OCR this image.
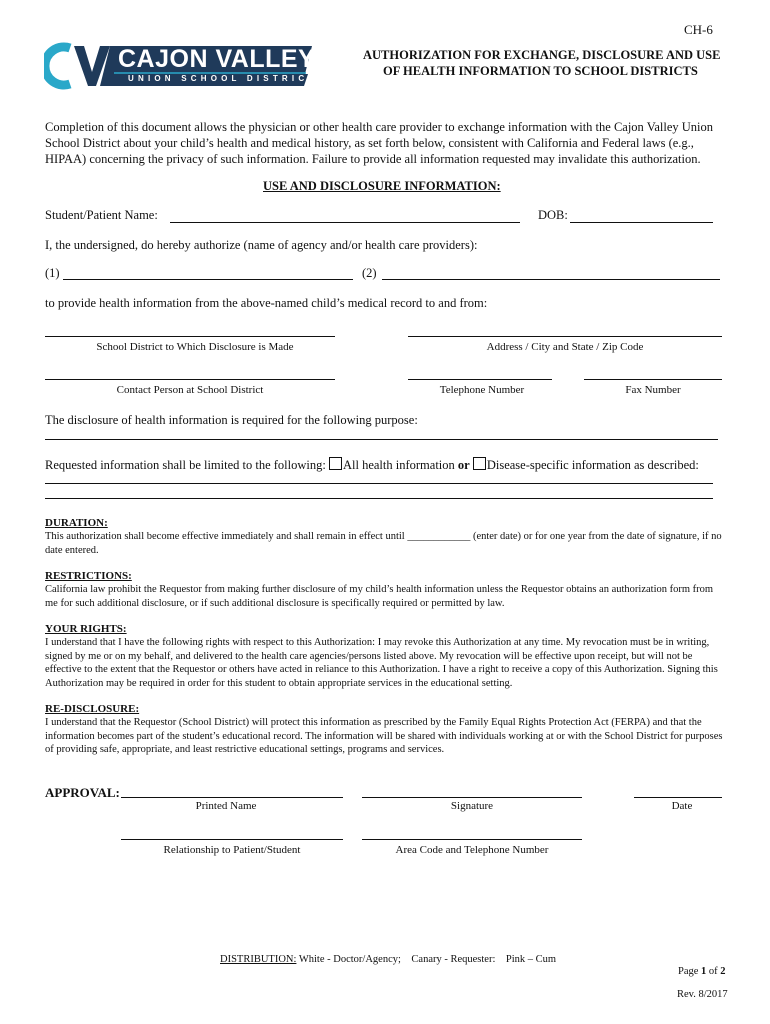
CAJON VALLEY
UNION SCHOOL DISTRICT
CH-6
AUTHORIZATION FOR EXCHANGE, DISCLOSURE AND USE
OF HEALTH INFORMATION TO SCHOOL DISTRICTS
Completion of this document allows the physician or other health care provider to exchange information with the Cajon Valley Union School District about your child’s health and medical history, as set forth below, consistent with California and Federal laws (e.g., HIPAA) concerning the privacy of such information. Failure to provide all information requested may invalidate this authorization.
USE AND DISCLOSURE INFORMATION:
Student/Patient Name:	DOB:
I, the undersigned, do hereby authorize (name of agency and/or health care providers):
(1)	(2)
to provide health information from the above-named child’s medical record to and from:
School District to Which Disclosure is Made	Address / City and State / Zip Code
Contact Person at School District	Telephone Number	Fax Number
The disclosure of health information is required for the following purpose:
Requested information shall be limited to the following: All health information or Disease-specific information as described:
DURATION:
This authorization shall become effective immediately and shall remain in effect until ____________ (enter date) or for one year from the date of signature, if no date entered.
RESTRICTIONS:
California law prohibit the Requestor from making further disclosure of my child’s health information unless the Requestor obtains an authorization form from me for such additional disclosure, or if such additional disclosure is specifically required or permitted by law.
YOUR RIGHTS:
I understand that I have the following rights with respect to this Authorization: I may revoke this Authorization at any time. My revocation must be in writing, signed by me or on my behalf, and delivered to the health care agencies/persons listed above. My revocation will be effective upon receipt, but will not be effective to the extent that the Requestor or others have acted in reliance to this Authorization. I have a right to receive a copy of this Authorization. Signing this Authorization may be required in order for this student to obtain appropriate services in the educational setting.
RE-DISCLOSURE:
I understand that the Requestor (School District) will protect this information as prescribed by the Family Equal Rights Protection Act (FERPA) and that the information becomes part of the student’s educational record. The information will be shared with individuals working at or with the School District for purposes of providing safe, appropriate, and least restrictive educational settings, programs and services.
APPROVAL:
Printed Name	Signature	Date
Relationship to Patient/Student	Area Code and Telephone Number
DISTRIBUTION: White - Doctor/Agency;    Canary - Requester:    Pink – Cum
Page 1 of 2
Rev. 8/2017
